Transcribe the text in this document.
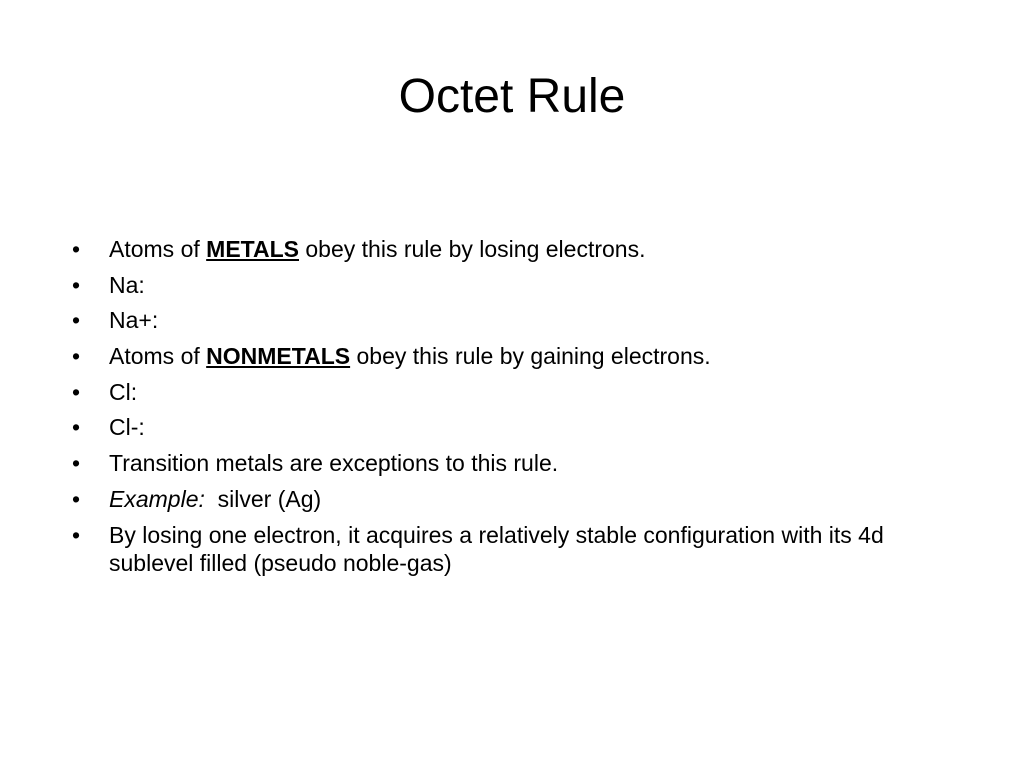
Octet Rule
•	Atoms of METALS obey this rule by losing electrons.
•	Na:
•	Na+:
•	Atoms of NONMETALS obey this rule by gaining electrons.
•	Cl:
•	Cl-:
•	Transition metals are exceptions to this rule.
•	Example:  silver (Ag)
•	By losing one electron, it acquires a relatively stable configuration with its 4d sublevel filled (pseudo noble-gas)
